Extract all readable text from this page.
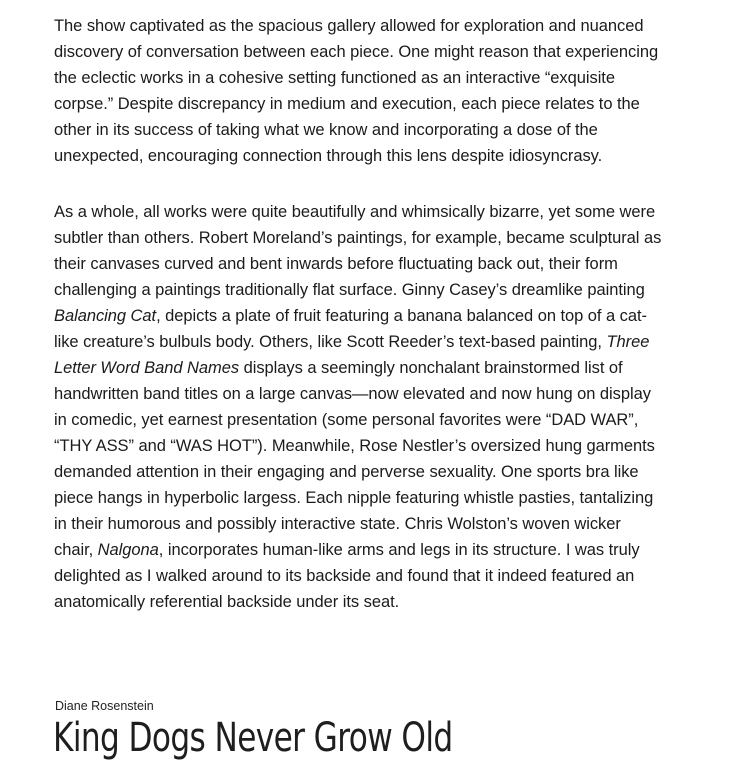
The show captivated as the spacious gallery allowed for exploration and nuanced discovery of conversation between each piece. One might reason that experiencing the eclectic works in a cohesive setting functioned as an interactive “exquisite corpse.” Despite discrepancy in medium and execution, each piece relates to the other in its success of taking what we know and incorporating a dose of the unexpected, encouraging connection through this lens despite idiosyncrasy.

As a whole, all works were quite beautifully and whimsically bizarre, yet some were subtler than others. Robert Moreland’s paintings, for example, became sculptural as their canvases curved and bent inwards before fluctuating back out, their form challenging a paintings traditionally flat surface. Ginny Casey’s dreamlike painting Balancing Cat, depicts a plate of fruit featuring a banana balanced on top of a cat-like creature’s bulbuls body. Others, like Scott Reeder’s text-based painting, Three Letter Word Band Names displays a seemingly nonchalant brainstormed list of handwritten band titles on a large canvas—now elevated and now hung on display in comedic, yet earnest presentation (some personal favorites were “DAD WAR”, “THY ASS” and “WAS HOT”). Meanwhile, Rose Nestler’s oversized hung garments demanded attention in their engaging and perverse sexuality. One sports bra like piece hangs in hyperbolic largess. Each nipple featuring whistle pasties, tantalizing in their humorous and possibly interactive state. Chris Wolston’s woven wicker chair, Nalgona, incorporates human-like arms and legs in its structure. I was truly delighted as I walked around to its backside and found that it indeed featured an anatomically referential backside under its seat.

Diane Rosenstein
King Dogs Never Grow Old
